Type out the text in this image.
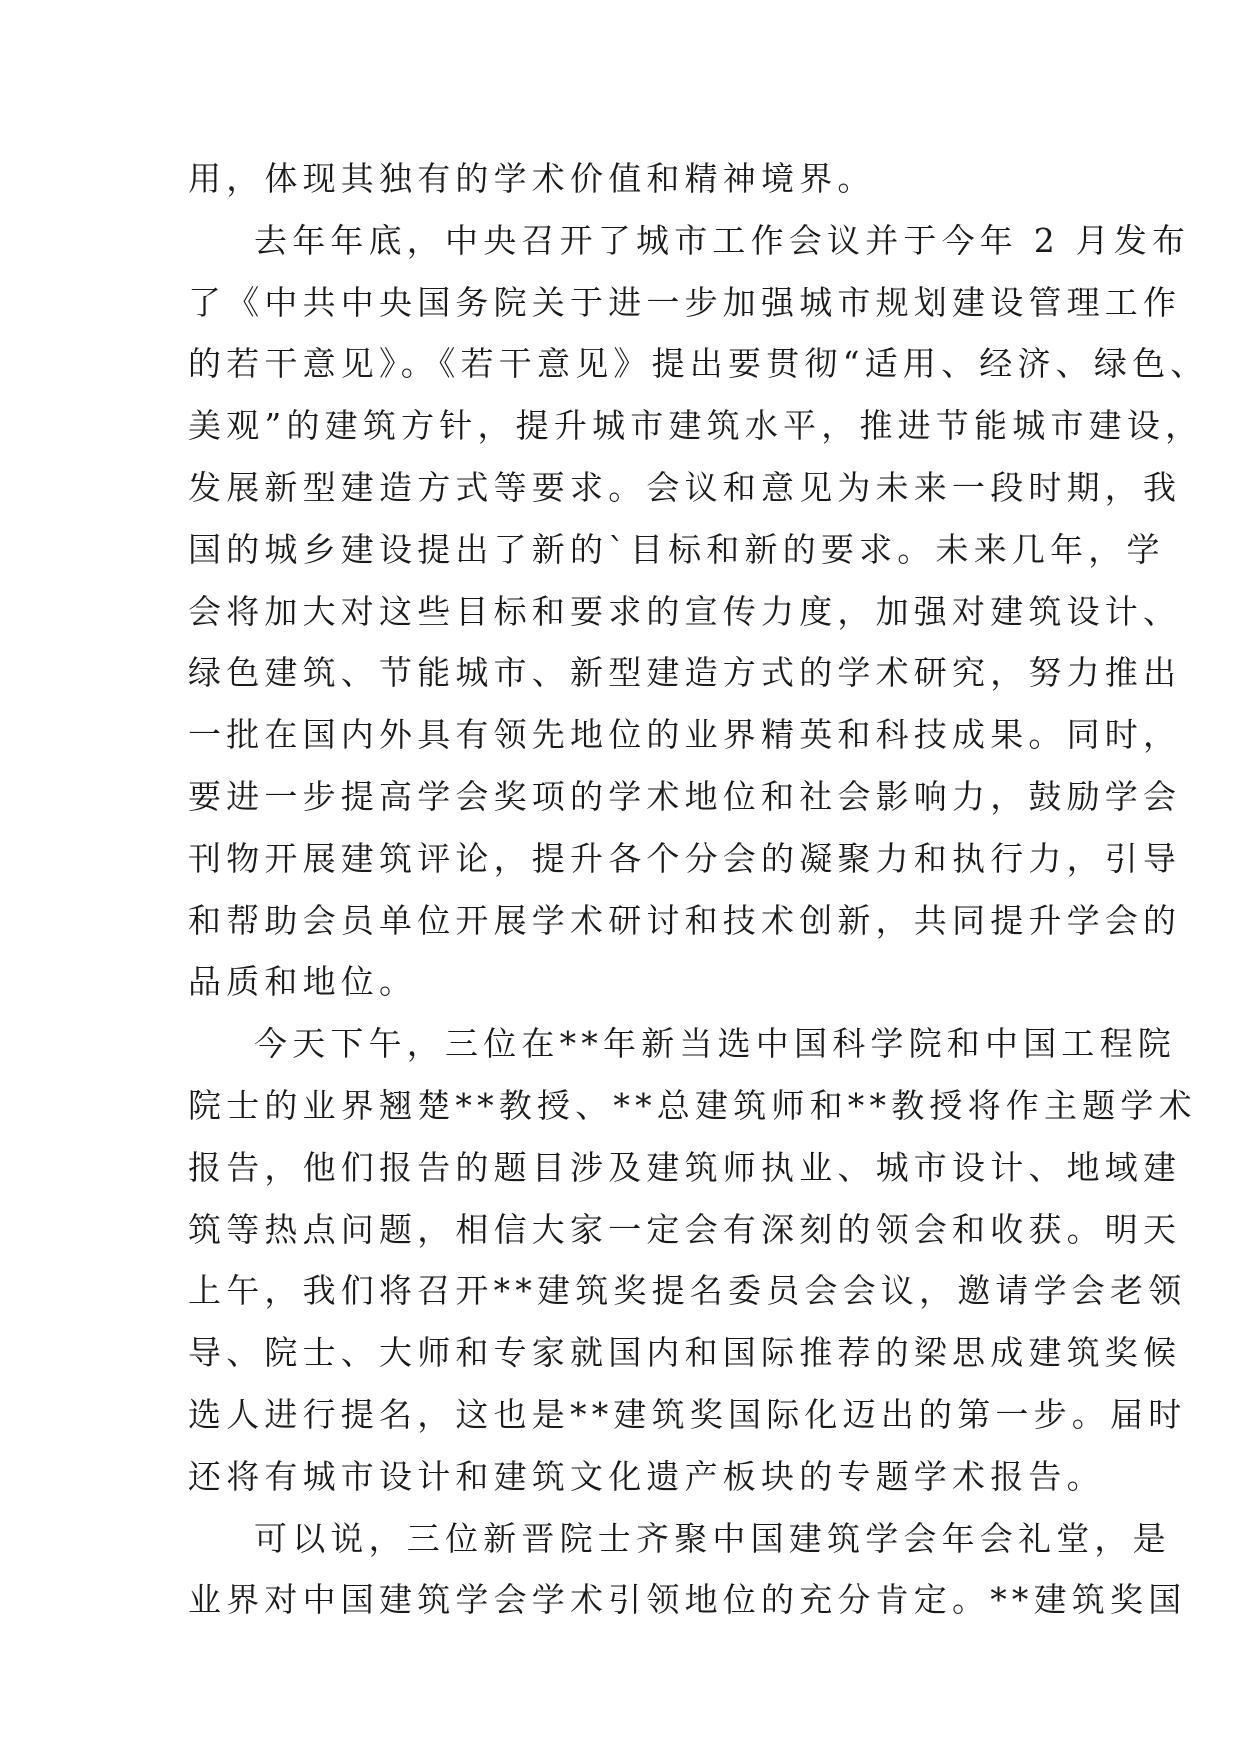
用，体现其独有的学术价值和精神境界。
去年年底，中央召开了城市工作会议并于今年 2 月发布
了《中共中央国务院关于进一步加强城市规划建设管理工作
的若干意见》。《若干意见》提出要贯彻“适用、经济、绿色、
美观”的建筑方针，提升城市建筑水平，推进节能城市建设，
发展新型建造方式等要求。会议和意见为未来一段时期，我
国的城乡建设提出了新的`目标和新的要求。未来几年，学
会将加大对这些目标和要求的宣传力度，加强对建筑设计、
绿色建筑、节能城市、新型建造方式的学术研究，努力推出
一批在国内外具有领先地位的业界精英和科技成果。同时，
要进一步提高学会奖项的学术地位和社会影响力，鼓励学会
刊物开展建筑评论，提升各个分会的凝聚力和执行力，引导
和帮助会员单位开展学术研讨和技术创新，共同提升学会的
品质和地位。
今天下午，三位在**年新当选中国科学院和中国工程院
院士的业界翘楚**教授、**总建筑师和**教授将作主题学术
报告，他们报告的题目涉及建筑师执业、城市设计、地域建
筑等热点问题，相信大家一定会有深刻的领会和收获。明天
上午，我们将召开**建筑奖提名委员会会议，邀请学会老领
导、院士、大师和专家就国内和国际推荐的梁思成建筑奖候
选人进行提名，这也是**建筑奖国际化迈出的第一步。届时
还将有城市设计和建筑文化遗产板块的专题学术报告。
可以说，三位新晋院士齐聚中国建筑学会年会礼堂，是
业界对中国建筑学会学术引领地位的充分肯定。**建筑奖国
